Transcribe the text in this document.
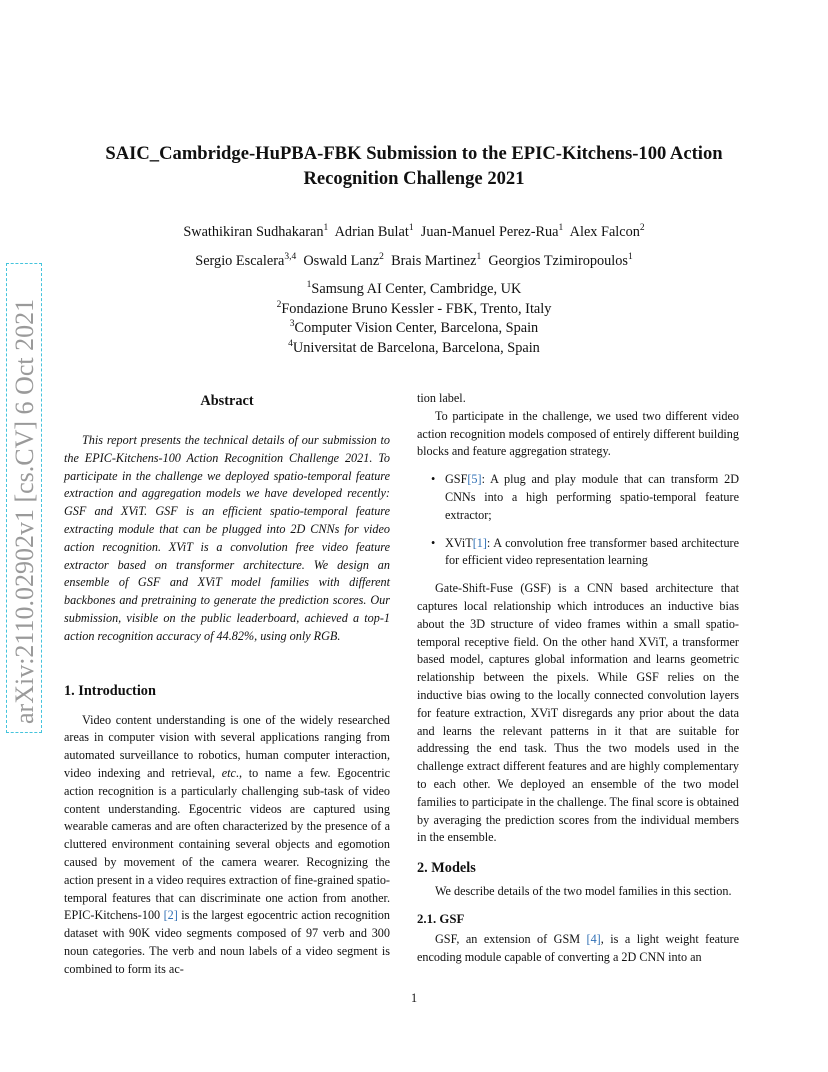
arXiv:2110.02902v1 [cs.CV] 6 Oct 2021
SAIC_Cambridge-HuPBA-FBK Submission to the EPIC-Kitchens-100 Action Recognition Challenge 2021
Swathikiran Sudhakaran$^1$ Adrian Bulat$^1$ Juan-Manuel Perez-Rua$^1$ Alex Falcon$^2$
Sergio Escalera$^{3,4}$ Oswald Lanz$^2$ Brais Martinez$^1$ Georgios Tzimiropoulos$^1$
$^1$Samsung AI Center, Cambridge, UK
$^2$Fondazione Bruno Kessler - FBK, Trento, Italy
$^3$Computer Vision Center, Barcelona, Spain
$^4$Universitat de Barcelona, Barcelona, Spain
Abstract

This report presents the technical details of our submission to the EPIC-Kitchens-100 Action Recognition Challenge 2021. To participate in the challenge we deployed spatio-temporal feature extraction and aggregation models we have developed recently: GSF and XViT. GSF is an efficient spatio-temporal feature extracting module that can be plugged into 2D CNNs for video action recognition. XViT is a convolution free video feature extractor based on transformer architecture. We design an ensemble of GSF and XViT model families with different backbones and pretraining to generate the prediction scores. Our submission, visible on the public leaderboard, achieved a top-1 action recognition accuracy of 44.82%, using only RGB.

1. Introduction

Video content understanding is one of the widely researched areas in computer vision with several applications ranging from automated surveillance to robotics, human computer interaction, video indexing and retrieval, etc., to name a few. Egocentric action recognition is a particularly challenging sub-task of video content understanding. Egocentric videos are captured using wearable cameras and are often characterized by the presence of a cluttered environment containing several objects and egomotion caused by movement of the camera wearer. Recognizing the action present in a video requires extraction of fine-grained spatio-temporal features that can discriminate one action from another. EPIC-Kitchens-100 [2] is the largest egocentric action recognition dataset with 90K video segments composed of 97 verb and 300 noun categories. The verb and noun labels of a video segment is combined to form its ac-

tion label.

To participate in the challenge, we used two different video action recognition models composed of entirely different building blocks and feature aggregation strategy.

• GSF[5]: A plug and play module that can transform 2D CNNs into a high performing spatio-temporal feature extractor;
• XViT[1]: A convolution free transformer based architecture for efficient video representation learning

Gate-Shift-Fuse (GSF) is a CNN based architecture that captures local relationship which introduces an inductive bias about the 3D structure of video frames within a small spatio-temporal receptive field. On the other hand XViT, a transformer based model, captures global information and learns geometric relationship between the pixels. While GSF relies on the inductive bias owing to the locally connected convolution layers for feature extraction, XViT disregards any prior about the data and learns the relevant patterns in it that are suitable for addressing the end task. Thus the two models used in the challenge extract different features and are highly complementary to each other. We deployed an ensemble of the two model families to participate in the challenge. The final score is obtained by averaging the prediction scores from the individual members in the ensemble.

2. Models

We describe details of the two model families in this section.

2.1. GSF

GSF, an extension of GSM [4], is a light weight feature encoding module capable of converting a 2D CNN into an

1
